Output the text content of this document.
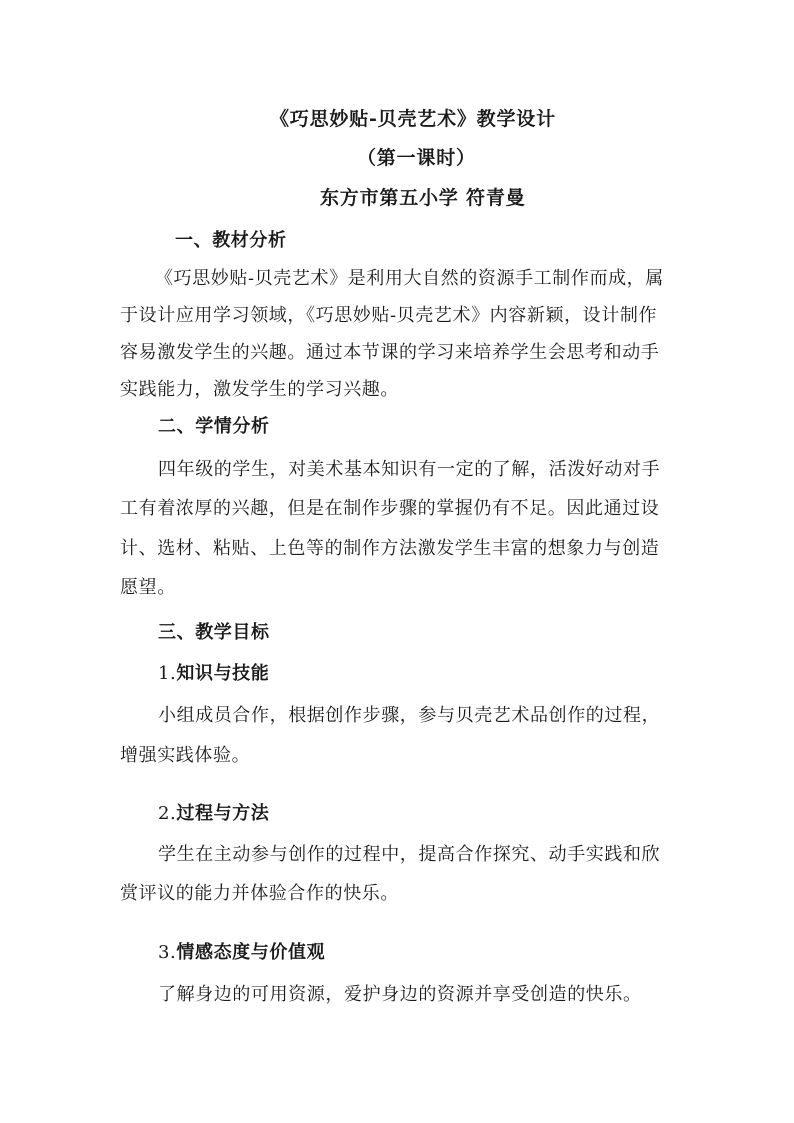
《巧思妙贴-贝壳艺术》教学设计
（第一课时）
东方市第五小学 符青曼
一、教材分析
《巧思妙贴-贝壳艺术》是利用大自然的资源手工制作而成，属
于设计应用学习领域，《巧思妙贴-贝壳艺术》内容新颖，设计制作
容易激发学生的兴趣。通过本节课的学习来培养学生会思考和动手
实践能力，激发学生的学习兴趣。
二、学情分析
四年级的学生，对美术基本知识有一定的了解，活泼好动对手
工有着浓厚的兴趣，但是在制作步骤的掌握仍有不足。因此通过设
计、选材、粘贴、上色等的制作方法激发学生丰富的想象力与创造
愿望。
三、教学目标
1.知识与技能
小组成员合作，根据创作步骤，参与贝壳艺术品创作的过程，
增强实践体验。
2.过程与方法
学生在主动参与创作的过程中，提高合作探究、动手实践和欣
赏评议的能力并体验合作的快乐。
3.情感态度与价值观
了解身边的可用资源，爱护身边的资源并享受创造的快乐。
